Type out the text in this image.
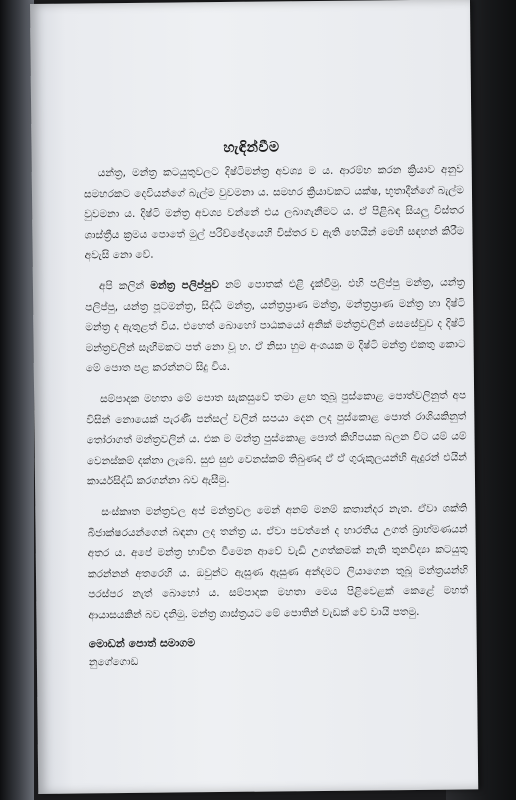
හැඳින්වීම

යන්ත්‍ර, මන්ත්‍ර කටයුතුවලට දිෂ්ටිමන්ත්‍ර අවශ්‍ය ම ය. ආරම්භ කරන ක්‍රියාව අනුව සමහරකට දෙවියන්ගේ බැල්ම වුවමනා ය. සමහර ක්‍රියාවකට යක්ෂ, භූතාදීන්ගේ බැල්ම වුවමනා ය. දිෂ්ටි මන්ත්‍ර අවශ්‍ය වන්නේ එය ලබාගැනීමට ය. ඒ පිළිබඳ සියලු විස්තර ශාස්ත්‍රීය ක්‍රමය පොතේ මුල් පරිච්ඡේදයෙහි විස්තර ව ඇති හෙයින් මෙහි සඳහන් කිරීම අවැසි නො වේ.

අපි කලින් මන්ත්‍ර පලිප්පුව නම් පොතක් එළි දැක්වීමු. එහි පලිප්පු මන්ත්‍ර, යන්ත්‍ර පලිප්පු, යන්ත්‍ර පූටමන්ත්‍ර, සිද්ධි මන්ත්‍ර, යන්ත්‍රප්‍රාණ මන්ත්‍ර, මන්ත්‍රප්‍රාණ මන්ත්‍ර හා දිෂ්ටි මන්ත්‍ර ද ඇතුළත් විය. එහෙත් බොහෝ පාඨකයෝ අනික් මන්ත්‍රවලින් සෙසේවුව ද දිෂ්ටි මන්ත්‍රවලින් සෑහීමකට පත් නො වූ හ. ඒ නිසා හුම අංශයක ම දිෂ්ටි මන්ත්‍ර එකතු කොට මේ පොත පළ කරන්නට සිදු විය.

සම්පාදක මහතා මේ පොත සැකසුවේ තමා ළඟ තුබූ පුස්කොළ පොත්වලිනුත් අප විසින් නොයෙක් පැරණි පන්සල් වලින් සපයා දෙන ලද පුස්කොළ පොත් රාශියකිනුත් තෝරාගත් මන්ත්‍රවලින් ය. එක ම මන්ත්‍ර පුස්කොළ පොත් කිහිපයක බලන විට යම් යම් වෙනස්කම් දක්නා ලැබේ. සුළු සුළු වෙනස්කම් තිබුණද ඒ ඒ ගුරුකුලයන්හි ඇදුරන් එයින් කාර්යසිද්ධි කරගන්නා බව ඇසීමු.

සංස්කෘත මන්ත්‍රවල අප් මන්ත්‍රවල මෙන් අනම් මනම් කතාන්දර නැත. ඒවා ශක්ති බීජාක්ෂරයන්ගෙන් බඳනා ලද තන්ත්‍ර ය. ඒවා පවත්නේ ද භාරතීය උගත් බ්‍රාහ්මණයන් අතර ය. අපේ මන්ත්‍ර භාවිත වීමෙන ආවේ වැඩි උගත්කමක් නැති තුනවිද්‍යා කටයුතු කරන්නන් අතරෙහි ය. ඔවුන්ට ඇසුණ ඇසුණ අන්දමට ලියාගෙන තුබූ මන්ත්‍රයන්හි පරස්පර නැත් බොහෝ ය. සම්පාදක මහතා මෙය පිළිවෙළක් කෙළේ මහත් ආයාසයකින් බව දනිමු. මන්ත්‍ර ශාස්ත්‍රයට මේ පොතින් වැඩක් වේ වායි පතමු.

මොඩන් පොත් සමාගම
නුගේගොඩ
